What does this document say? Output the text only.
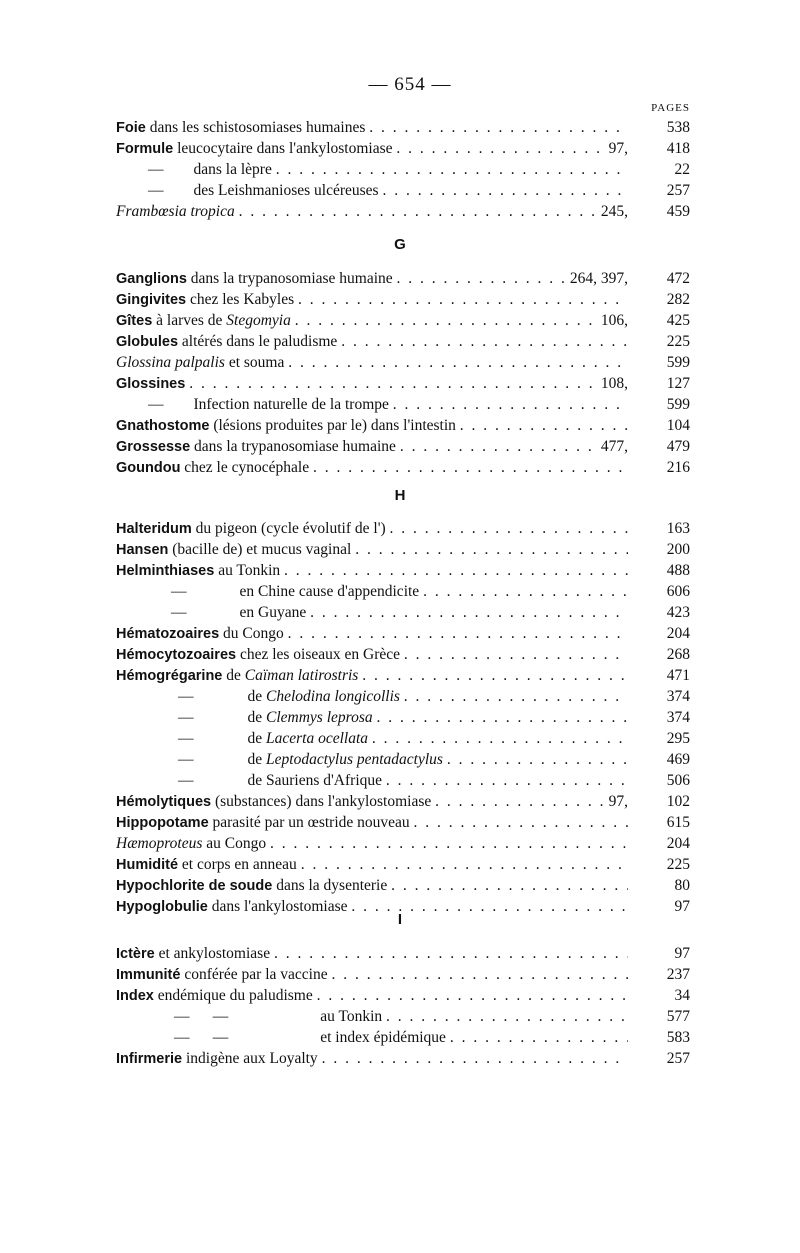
— 654 —
PAGES
Foie dans les schistosomiases humaines . . .	538
Formule leucocytaire dans l'ankylostomiase . . .	97,	418
— dans la lèpre . . .	22
— des Leishmanioses ulcéreuses . . .	257
Frambœsia tropica . . .	245,	459
G
Ganglions dans la trypanosomiase humaine . . .	264, 397,	472
Gingivites chez les Kabyles . . .	282
Gîtes à larves de Stegomyia . . .	106,	425
Globules altérés dans le paludisme . . .	225
Glossina palpalis et souma . . .	599
Glossines . . .	108,	127
— Infection naturelle de la trompe . . .	599
Gnathostome (lésions produites par le) dans l'intestin . . .	104
Grossesse dans la trypanosomiase humaine . . .	477,	479
Goundou chez le cynocéphale . . .	216
H
Halteridum du pigeon (cycle évolutif de l') . . .	163
Hansen (bacille de) et mucus vaginal . . .	200
Helminthiases au Tonkin . . .	488
—	en Chine cause d'appendicite . . .	606
—	en Guyane . . .	423
Hématozoaires du Congo . . .	204
Hémocytozoaires chez les oiseaux en Grèce . . .	268
Hémogrégarine de Caïman latirostris . . .	471
—	de Chelodina longicollis . . .	374
—	de Clemmys leprosa . . .	374
—	de Lacerta ocellata . . .	295
—	de Leptodactylus pentadactylus . . .	469
—	de Sauriens d'Afrique . . .	506
Hémolytiques (substances) dans l'ankylostomiase . . .	97,	102
Hippopotame parasité par un œstride nouveau . . .	615
Hæmoproteus au Congo . . .	204
Humidité et corps en anneau . . .	225
Hypochlorite de soude dans la dysenterie . . .	80
Hypoglobulie dans l'ankylostomiase . . .	97
I
Ictère et ankylostomiase . . .	97
Immunité conférée par la vaccine . . .	237
Index endémique du paludisme . . .	34
—      —	au Tonkin . . .	577
—      —	et index épidémique . . .	583
Infirmerie indigène aux Loyalty . . .	257
